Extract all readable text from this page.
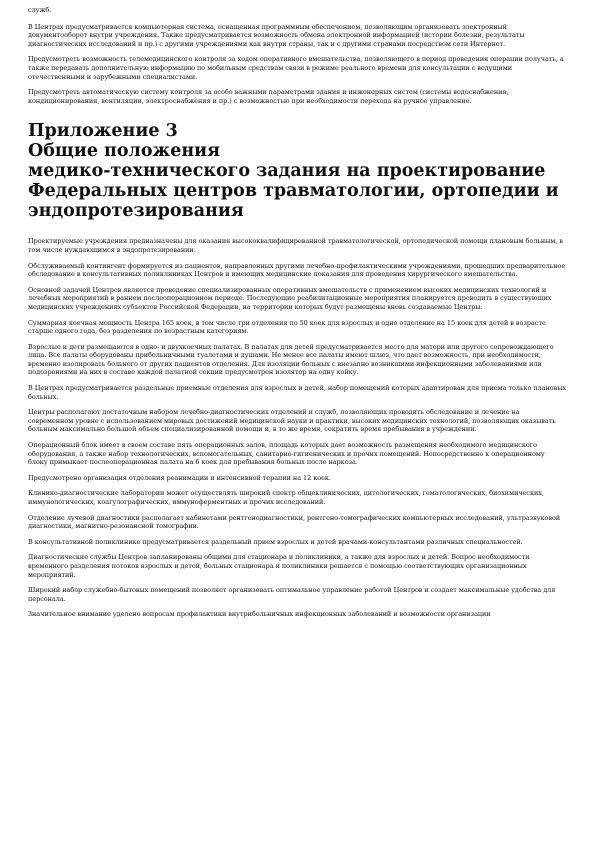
служб.

В Центрах предусматривается компьютерная система, оснащенная программным обеспечением, позволяющим организовать электронный документооборот внутри учреждения. Также предусматривается возможность обмена электронной информацией (истории болезни, результаты диагностических исследований и пр.) с другими учреждениями как внутри страны, так и с другими странами посредством сети Интернет.

Предусмотреть возможность телемедицинского контроля за ходом оперативного вмешательства, позволяющего в период проведения операции получать, а также передавать дополнительную информацию по мобильным средствам связи в режиме реального времени для консультации с ведущими отечественными и зарубежными специалистами.

Предусмотреть автоматическую систему контроля за особо важными параметрами здания и инженерных систем (системы водоснабжения, кондиционирования, вентиляции, электроснабжения и пр.) с возможностью при необходимости перехода на ручное управление.

Приложение 3
Общие положения
медико-технического задания на проектирование
Федеральных центров травматологии, ортопедии и
эндопротезирования

Проектируемые учреждения предназначены для оказания высококвалифицированной травматологической, ортопедической помощи плановым больным, в том числе нуждающимся в эндопротезировании.

Обслуживаемый контингент формируется из пациентов, направленных другими лечебно-профилактическими учреждениями, прошедших предварительное обследование в консультативных поликлиниках Центров и имеющих медицинские показания для проведения хирургического вмешательства.

Основной задачей Центров является проведение специализированных оперативных вмешательств с применением высоких медицинских технологий и лечебных мероприятий в раннем послеоперационном периоде. Последующие реабилитационные мероприятия планируется проводить в существующих медицинских учреждениях субъектов Российской Федерации, на территории которых будут размещены вновь создаваемые Центры.

Суммарная коечная мощность Центра 165 коек, в том числе три отделения по 50 коек для взрослых и одно отделение на 15 коек для детей в возрасте старше одного года, без разделения по возрастным категориям.

Взрослые и дети размещаются в одно- и двухкоечных палатах. В палатах для детей предусматривается место для матери или другого сопровождающего лица. Все палаты оборудованы прибольничными туалетами и душами. Не менее все палаты имеют шлюз, что дает возможность, при необходимости, временно изолировать больного от других пациентов отделения. Для изоляции больных с внезапно возникшими инфекционными заболеваниями или подозрениями на них в составе каждой палатной секции предусмотрен изолятор на одну койку.

В Центрах предусматривается раздельные приемные отделения для взрослых и детей, набор помещений которых адаптирован для приема только плановых больных.

Центры располагают достаточным набором лечебно-диагностических отделений и служб, позволяющих проводить обследование и лечение на современном уровне с использованием мировых достижений медицинской науки и практики, высоких медицинских технологий, позволяющих оказывать больным максимально большой объем специализированной помощи и, в то же время, сократить время пребывания в учреждении.

Операционный блок имеет в своем составе пять операционных залов, площадь которых дает возможность размещения необходимого медицинского оборудования, а также набор технологических, вспомогательных, санитарно-гигиенических и прочих помещений. Непосредственно к операционному блоку примыкает послеоперационная палата на 6 коек для пребывания больных после наркоза.

Предусмотрено организация отделения реанимации и интенсивной терапии на 12 коек.

Клинико-диагностические лаборатории может осуществлять широкий спектр общеклинических, цитологических, гематологических, биохимических, иммунологических, коагулографических, иммуноферментных и прочих исследований.

Отделение лучевой диагностики располагает кабинетами рентгенодиагностики, рентгено-томографических компьютерных исследований, ультразвуковой диагностики, магнитно-резонансной томографии.

В консультативной поликлинике предусматривается раздельный прием взрослых и детей врачами-консультантами различных специальностей.

Диагностические службы Центров запланированы общими для стационара и поликлиники, а также для взрослых и детей. Вопрос необходимости временного разделения потоков взрослых и детей, больных стационара и поликлиники решается с помощью соответствующих организационных мероприятий.

Широкий набор служебно-бытовых помещений позволяет организовать оптимальное управление работой Центров и создает максимальные удобства для персонала.

Значительное внимание уделено вопросам профилактики внутрибольничных инфекционных заболеваний и возможности организации
